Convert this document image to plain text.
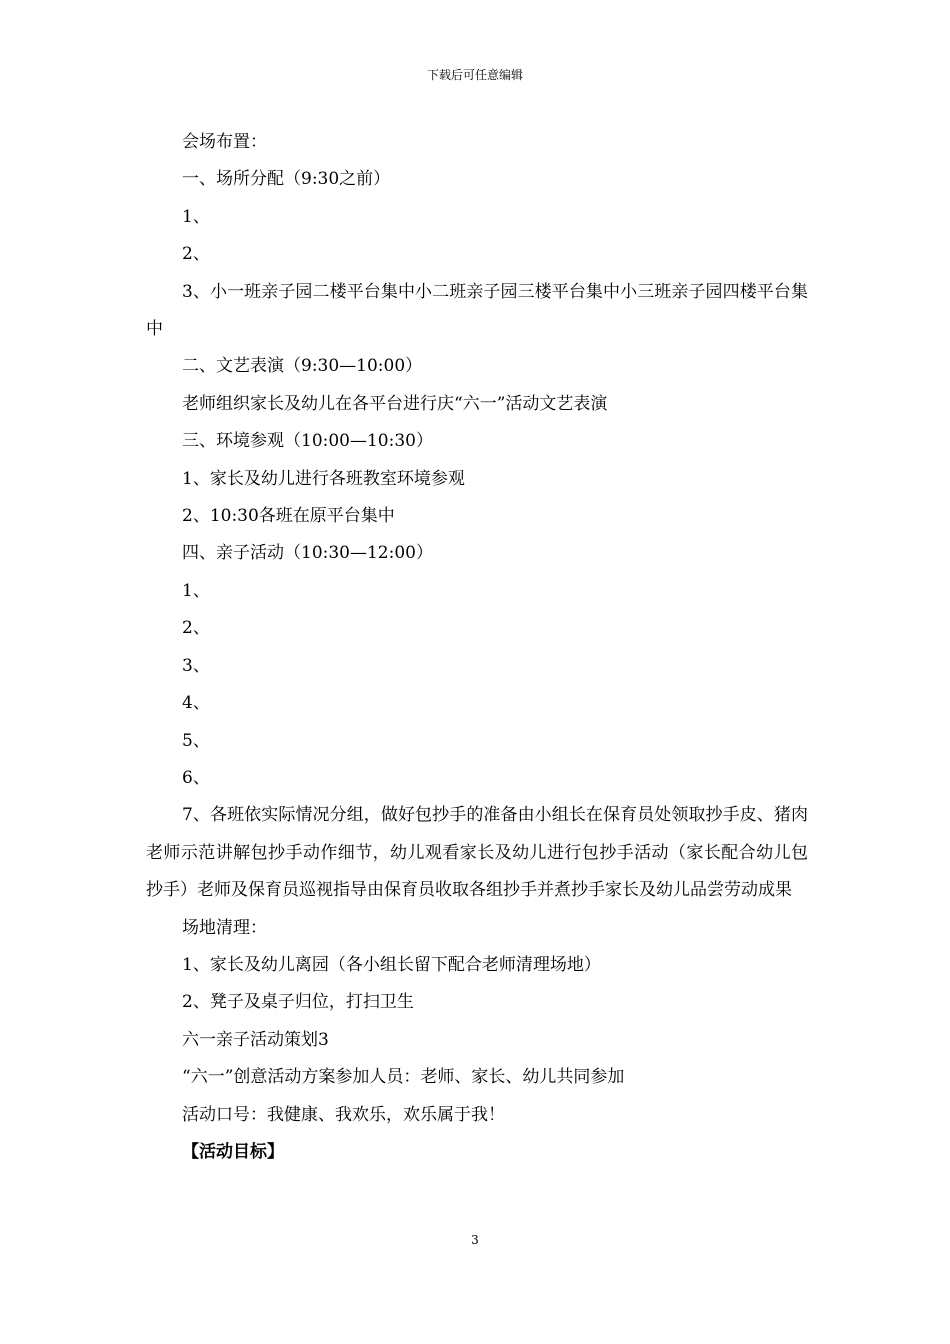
下载后可任意编辑

会场布置：

一、场所分配（9:30之前）

1、

2、

3、小一班亲子园二楼平台集中小二班亲子园三楼平台集中小三班亲子园四楼平台集中

二、文艺表演（9:30—10:00）

老师组织家长及幼儿在各平台进行庆“六一”活动文艺表演

三、环境参观（10:00—10:30）

1、家长及幼儿进行各班教室环境参观

2、10:30各班在原平台集中

四、亲子活动（10:30—12:00）

1、

2、

3、

4、

5、

6、

7、各班依实际情况分组，做好包抄手的准备由小组长在保育员处领取抄手皮、猪肉老师示范讲解包抄手动作细节，幼儿观看家长及幼儿进行包抄手活动（家长配合幼儿包抄手）老师及保育员巡视指导由保育员收取各组抄手并煮抄手家长及幼儿品尝劳动成果

场地清理：

1、家长及幼儿离园（各小组长留下配合老师清理场地）

2、凳子及桌子归位，打扫卫生

六一亲子活动策划3

“六一”创意活动方案参加人员：老师、家长、幼儿共同参加

活动口号：我健康、我欢乐，欢乐属于我！

【活动目标】

3
